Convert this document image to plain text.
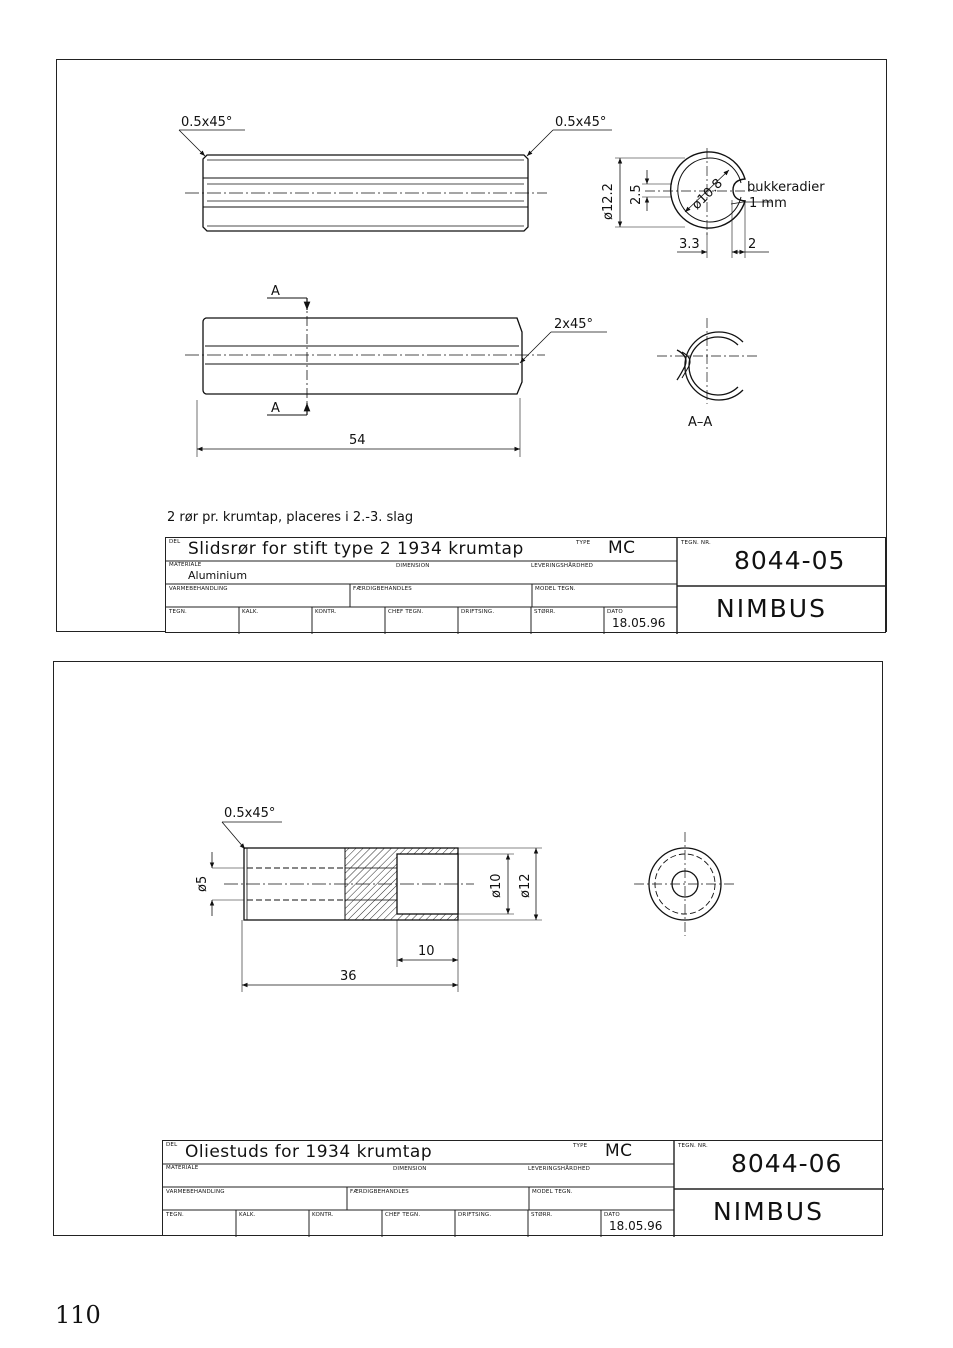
0.5x45°	0.5x45°
ø12.2 2.5	ø10.8 bukkeradier
1 mm
3.3	2
A
A
2x45°
54
A–A
2 rør pr. krumtap, placeres i 2.-3. slag
DEL Slidsrør for stift type 2 1934 krumtap	TYPE MC	TEGN. NR.
8044-05
MATERIALE
Aluminium
DIMENSION	LEVERINGSHÅRDHED
VARMEBEHANDLING	FÆRDIGBEHANDLES	MODEL TEGN.
NIMBUS
TEGN.	KALK.	KONTR.	CHEF TEGN.	DRIFTSING.	STØRR.	DATO
18.05.96
0.5x45°
ø5	ø10 ø12
10
36
DEL Oliestuds for 1934 krumtap	TYPE MC	TEGN. NR.
8044-06
MATERIALE	DIMENSION	LEVERINGSHÅRDHED
VARMEBEHANDLING	FÆRDIGBEHANDLES	MODEL TEGN.
NIMBUS
TEGN.	KALK.	KONTR.	CHEF TEGN.	DRIFTSING.	STØRR.	DATO
18.05.96
110
